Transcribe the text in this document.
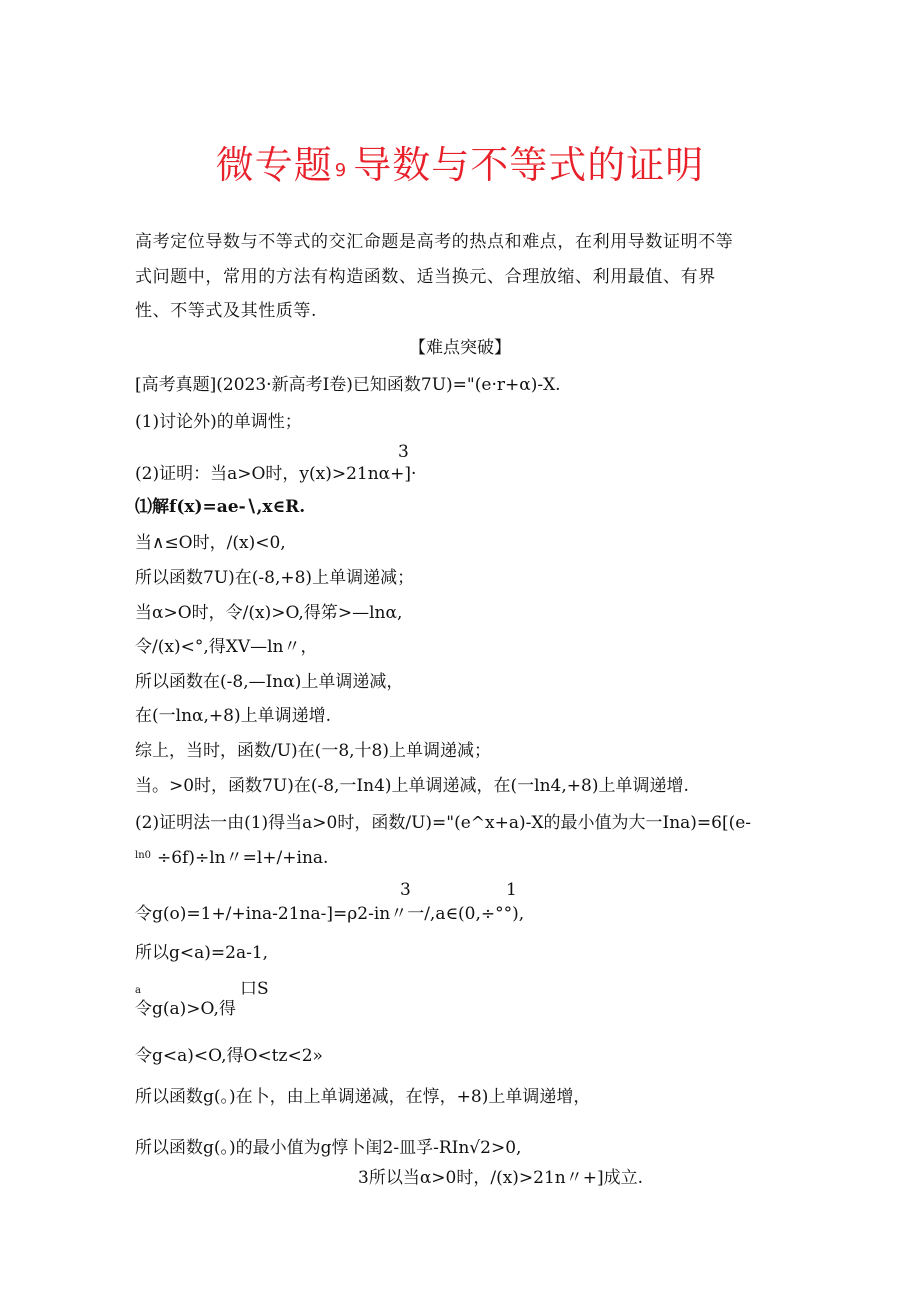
微专题 9 导数与不等式的证明
高考定位导数与不等式的交汇命题是高考的热点和难点，在利用导数证明不等
式问题中，常用的方法有构造函数、适当换元、合理放缩、利用最值、有界
性、不等式及其性质等.
【难点突破】
[高考真题](2023·新高考Ⅰ卷)已知函数7U)="(e·r+α)-X.
(1)讨论外)的单调性；
3
(2)证明：当a>O时，y(x)>21nα+]·
⑴解f(x)=ae-∖,x∈R.
当∧≤O时，/(x)<0,
所以函数7U)在(-8,+8)上单调递减；
当α>O时，令/(x)>O,得笫>—lnα,
令/(x)<°,得XV—ln〃，
所以函数在(-8,—Inα)上单调递减，
在(一lnα,+8)上单调递增.
综上，当时，函数/U)在(一8,十8)上单调递减；
当。>0时，函数7U)在(-8,一In4)上单调递减，在(一ln4,+8)上单调递增.
(2)证明法一由(1)得当a>0时，函数/U)="(e^x+a)-X的最小值为大一Ina)=6[(e-
ln0 ÷6f)÷ln〃=l+/+ina.
3	1
令g(o)=1+/+ina-21na-]=ρ2-in〃一/,a∈(0,÷°°),
所以g<a)=2a-1,
a	口S
令g(a)>O,得
令g<a)<O,得O<tz<2»
所以函数g(。)在卜，由上单调递减，在惇，+8)上单调递增，
所以函数g(。)的最小值为g惇卜闺2-皿孚-RIn√2>0,
3所以当α>0时，/(x)>21n〃+]成立.
